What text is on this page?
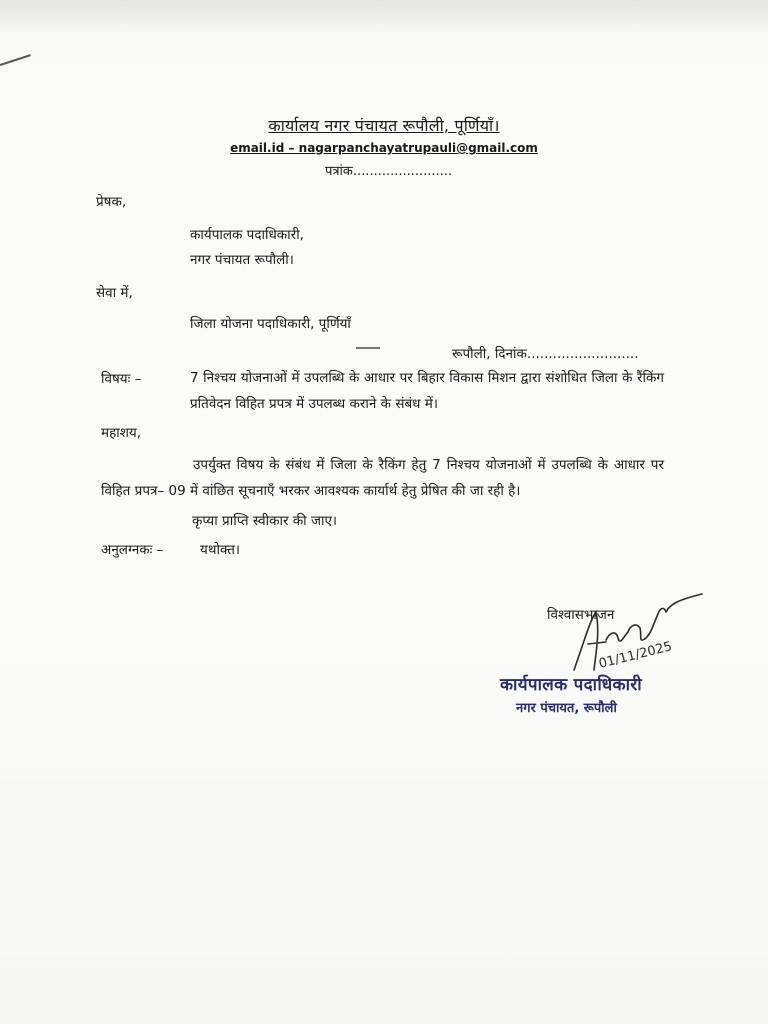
कार्यालय नगर पंचायत रूपौली, पूर्णियाँ।
email.id – nagarpanchayatrupauli@gmail.com
पत्रांक........................
प्रेषक,
कार्यपालक पदाधिकारी,
नगर पंचायत रूपौली।
सेवा में,
जिला योजना पदाधिकारी, पूर्णियाँ
रूपौली, दिनांक..........................
विषयः –	7 निश्चय योजनाओं में उपलब्धि के आधार पर बिहार विकास मिशन द्वारा संशोधित जिला के रैंकिंग प्रतिवेदन विहित प्रपत्र में उपलब्ध कराने के संबंध में।
महाशय,
उपर्युक्त विषय के संबंध में जिला के रैकिंग हेतु 7 निश्चय योजनाओं में उपलब्धि के आधार पर विहित प्रपत्र– 09 में वांछित सूचनाएँ भरकर आवश्यक कार्यार्थ हेतु प्रेषित की जा रही है।
कृप्या प्राप्ति स्वीकार की जाए।
अनुलग्नकः –	यथोक्त।
विश्वासभाजन
01/11/2025
कार्यपालक पदाधिकारी
नगर पंचायत, रूपौली
